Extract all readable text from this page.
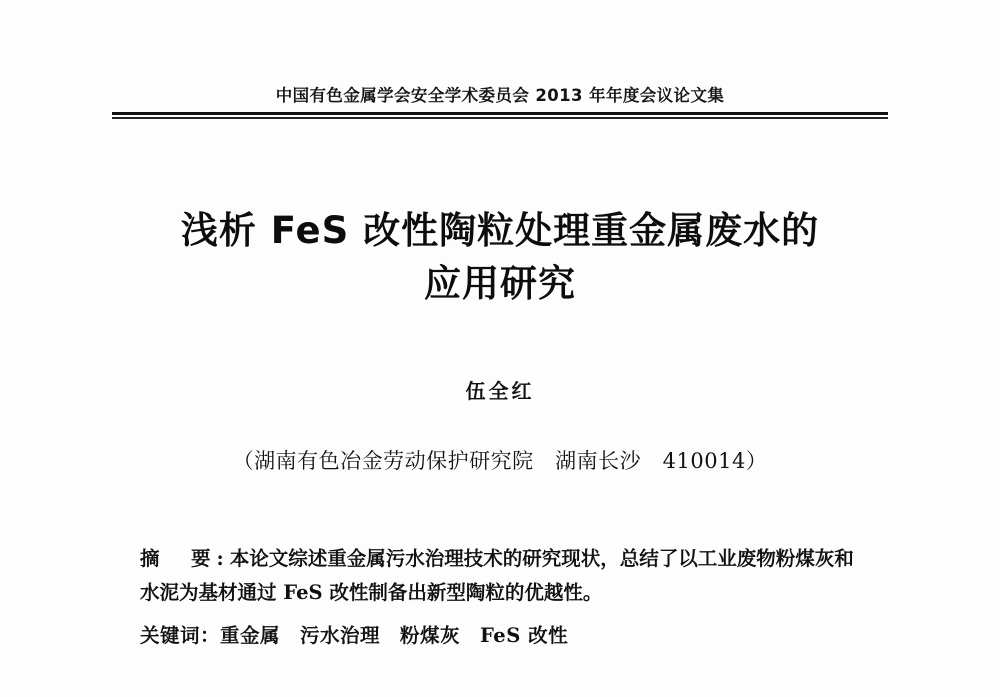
中国有色金属学会安全学术委员会 2013 年年度会议论文集
浅析 FeS 改性陶粒处理重金属废水的
应用研究
伍全红
（湖南有色冶金劳动保护研究院　湖南长沙　410014）
摘　要:本论文综述重金属污水治理技术的研究现状，总结了以工业废物粉煤灰和
水泥为基材通过 FeS 改性制备出新型陶粒的优越性。
关键词：重金属　污水治理　粉煤灰　FeS 改性
